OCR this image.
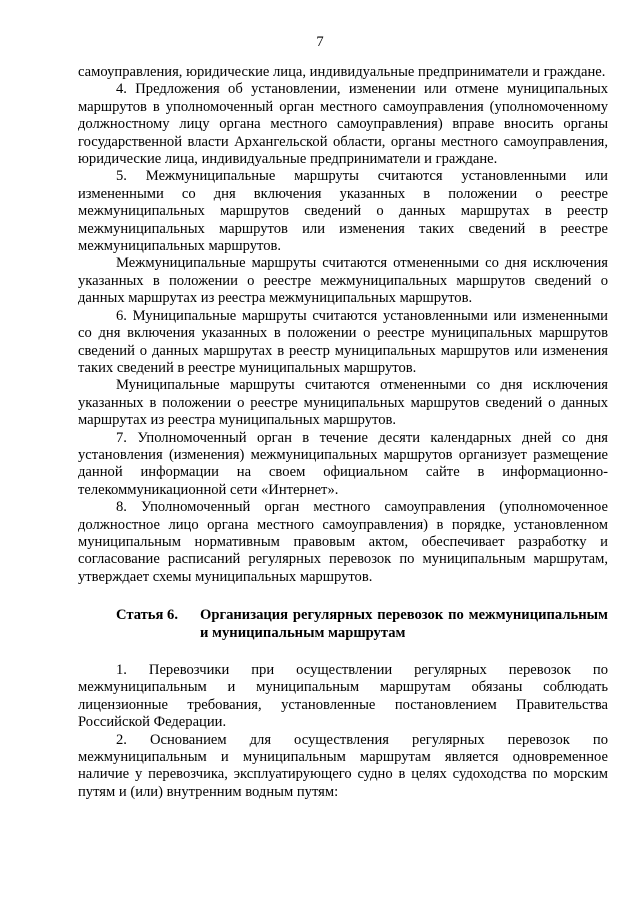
7

самоуправления, юридические лица, индивидуальные предприниматели и граждане.

4. Предложения об установлении, изменении или отмене муниципальных маршрутов в уполномоченный орган местного самоуправления (уполномоченному должностному лицу органа местного самоуправления) вправе вносить органы государственной власти Архангельской области, органы местного самоуправления, юридические лица, индивидуальные предприниматели и граждане.

5. Межмуниципальные маршруты считаются установленными или измененными со дня включения указанных в положении о реестре межмуниципальных маршрутов сведений о данных маршрутах в реестр межмуниципальных маршрутов или изменения таких сведений в реестре межмуниципальных маршрутов.

Межмуниципальные маршруты считаются отмененными со дня исключения указанных в положении о реестре межмуниципальных маршрутов сведений о данных маршрутах из реестра межмуниципальных маршрутов.

6. Муниципальные маршруты считаются установленными или измененными со дня включения указанных в положении о реестре муниципальных маршрутов сведений о данных маршрутах в реестр муниципальных маршрутов или изменения таких сведений в реестре муниципальных маршрутов.

Муниципальные маршруты считаются отмененными со дня исключения указанных в положении о реестре муниципальных маршрутов сведений о данных маршрутах из реестра муниципальных маршрутов.

7. Уполномоченный орган в течение десяти календарных дней со дня установления (изменения) межмуниципальных маршрутов организует размещение данной информации на своем официальном сайте в информационно-телекоммуникационной сети «Интернет».

8. Уполномоченный орган местного самоуправления (уполномоченное должностное лицо органа местного самоуправления) в порядке, установленном муниципальным нормативным правовым актом, обеспечивает разработку и согласование расписаний регулярных перевозок по муниципальным маршрутам, утверждает схемы муниципальных маршрутов.

Статья 6.	Организация регулярных перевозок по межмуниципальным и муниципальным маршрутам

1. Перевозчики при осуществлении регулярных перевозок по межмуниципальным и муниципальным маршрутам обязаны соблюдать лицензионные требования, установленные постановлением Правительства Российской Федерации.

2. Основанием для осуществления регулярных перевозок по межмуниципальным и муниципальным маршрутам является одновременное наличие у перевозчика, эксплуатирующего судно в целях судоходства по морским путям и (или) внутренним водным путям:
